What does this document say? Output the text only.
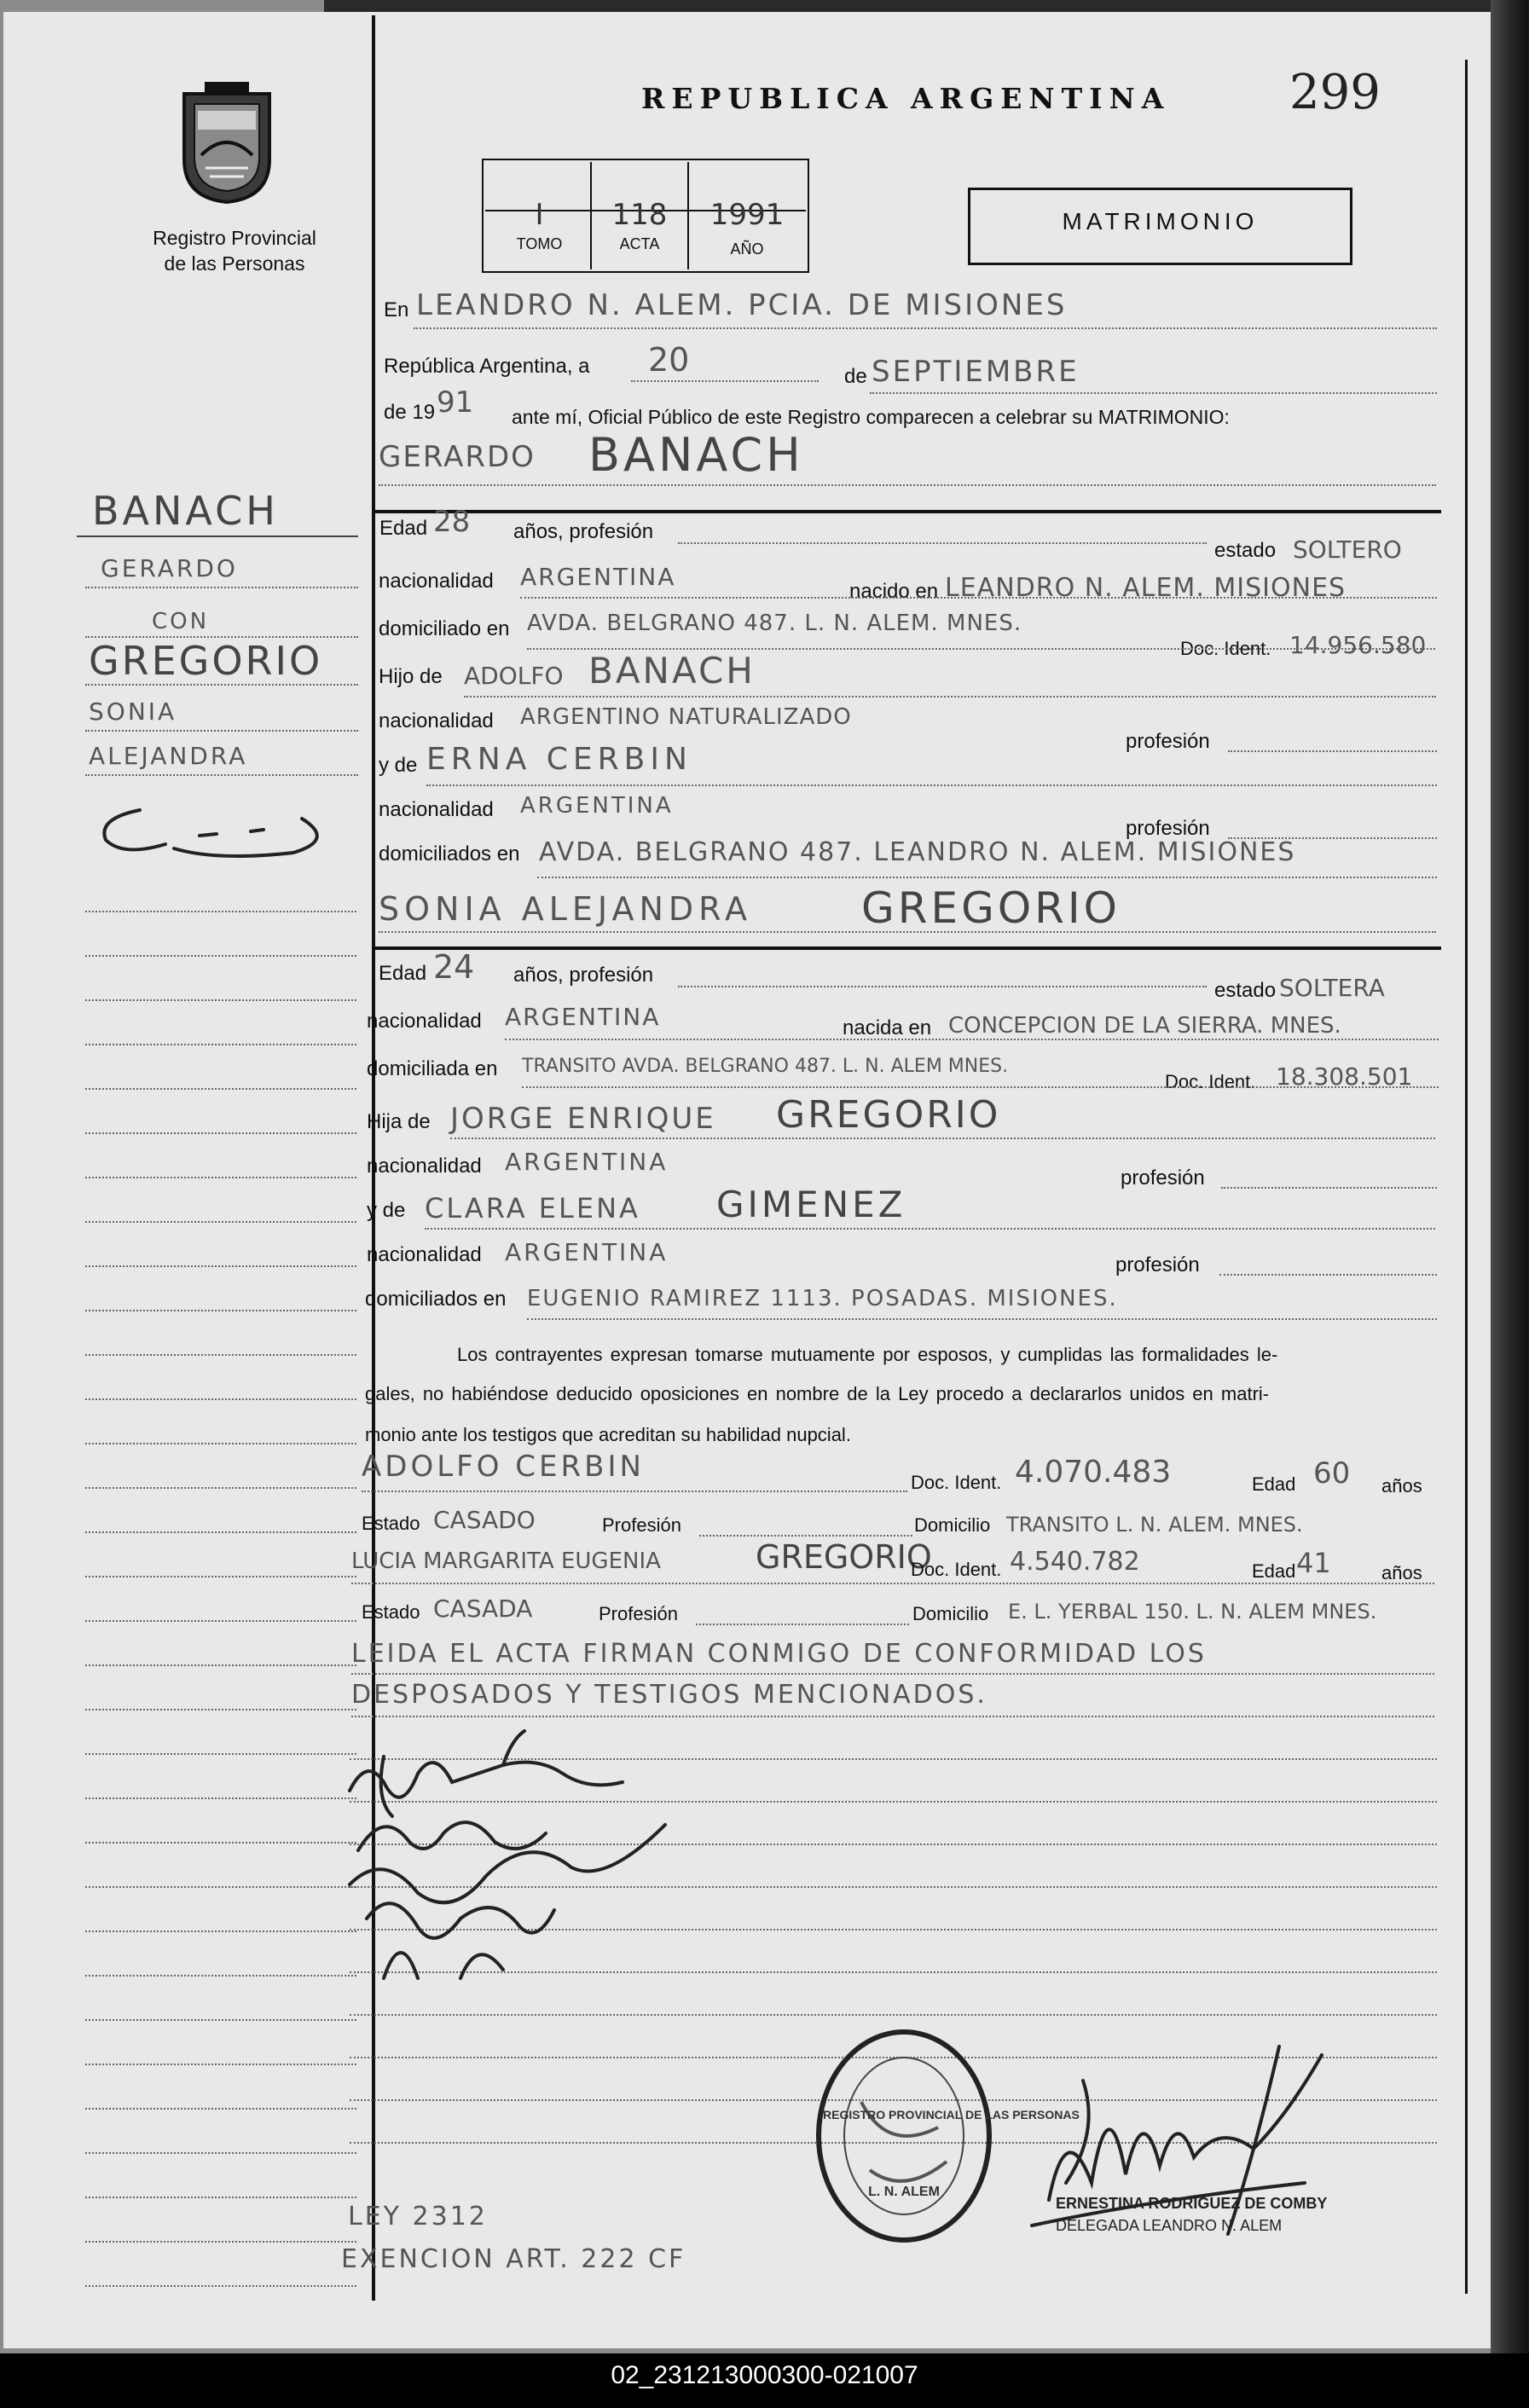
Registro Provincial
de las Personas
REPUBLICA ARGENTINA 299
I
TOMO
118
ACTA
1991
AÑO
MATRIMONIO
En LEANDRO N. ALEM. PCIA. DE MISIONES
República Argentina, a 20	de SEPTIEMBRE
de 19 91 ante mí, Oficial Público de este Registro comparecen a celebrar su MATRIMONIO:
GERARDO BANACH
Edad 28 años, profesión
estado SOLTERO
nacionalidad ARGENTINA
nacido en LEANDRO N. ALEM. MISIONES
domiciliado en AVDA. BELGRANO 487. L. N. ALEM. MNES.
Doc. Ident. 14.956.580
Hijo de ADOLFO BANACH
nacionalidad ARGENTINO NATURALIZADO
profesión
y de ERNA CERBIN
nacionalidad ARGENTINA
profesión
domiciliados en AVDA. BELGRANO 487. LEANDRO N. ALEM. MISIONES
SONIA ALEJANDRA	GREGORIO
Edad 24 años, profesión
estado SOLTERA
nacionalidad ARGENTINA	nacida en CONCEPCION DE LA SIERRA. MNES.
domiciliada en TRANSITO AVDA. BELGRANO 487. L. N. ALEM MNES.
Doc. Ident. 18.308.501
Hija de JORGE ENRIQUE GREGORIO
nacionalidad ARGENTINA
profesión
y de CLARA ELENA GIMENEZ
nacionalidad ARGENTINA	profesión
domiciliados en EUGENIO RAMIREZ 1113. POSADAS. MISIONES.
Los contrayentes expresan tomarse mutuamente por esposos, y cumplidas las formalidades le-
gales, no habiéndose deducido oposiciones en nombre de la Ley procedo a declararlos unidos en matri-
monio ante los testigos que acreditan su habilidad nupcial.
ADOLFO CERBIN	Doc. Ident. 4.070.483	Edad 60 años
Estado CASADO	Profesión	Domicilio TRANSITO L. N. ALEM. MNES.
LUCIA MARGARITA EUGENIA	GREGORIO
Doc. Ident. 4.540.782	Edad 41	años
Estado CASADA	Profesión	Domicilio E. L. YERBAL 150. L. N. ALEM MNES.
LEIDA EL ACTA FIRMAN CONMIGO DE CONFORMIDAD LOS
DESPOSADOS Y TESTIGOS MENCIONADOS.
REGISTRO PROVINCIAL DE LAS PERSONAS
L. N. ALEM
ERNESTINA RODRIGUEZ DE COMBY
DELEGADA LEANDRO N. ALEM
BANACH
GERARDO
CON
GREGORIO
SONIA
ALEJANDRA
LEY 2312
EXENCION ART. 222 CF
02_231213000300-021007
